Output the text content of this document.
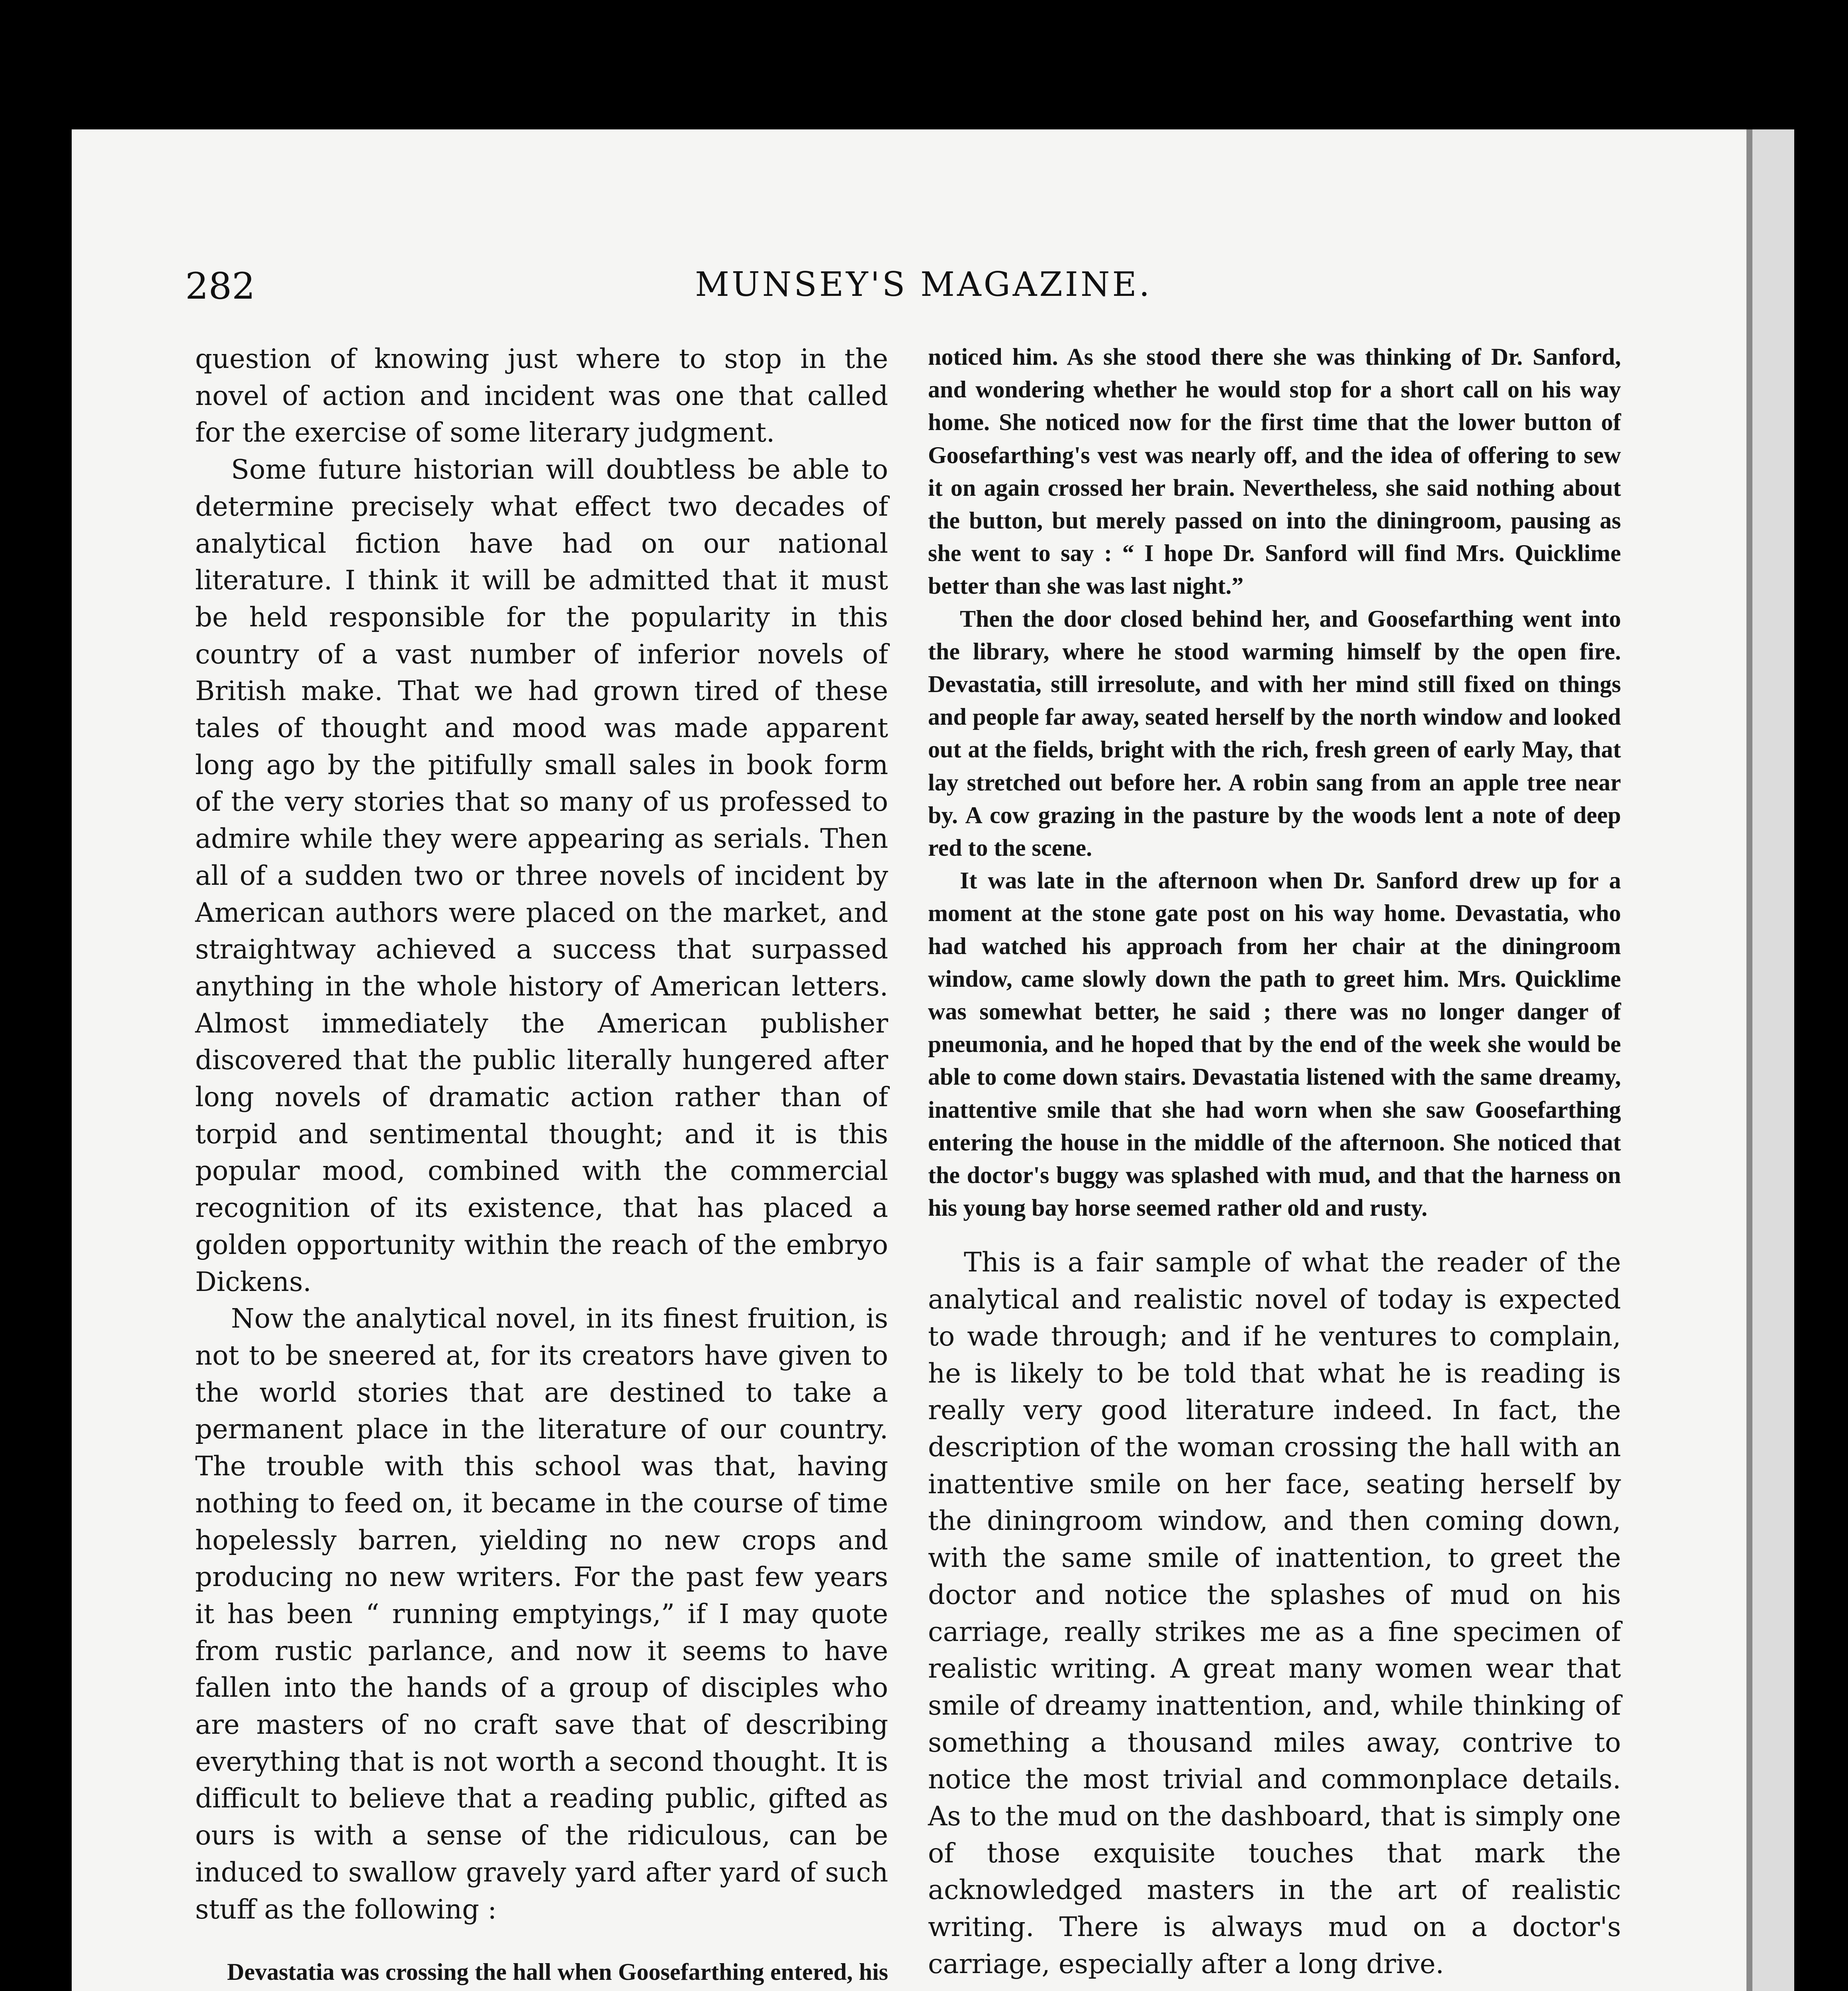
282	MUNSEY'S MAGAZINE.

question of knowing just where to stop in the novel of action and incident was one that called for the exercise of some literary judgment.

Some future historian will doubtless be able to determine precisely what effect two decades of analytical fiction have had on our national literature. I think it will be admitted that it must be held responsible for the popularity in this country of a vast number of inferior novels of British make. That we had grown tired of these tales of thought and mood was made apparent long ago by the pitifully small sales in book form of the very stories that so many of us professed to admire while they were appearing as serials. Then all of a sudden two or three novels of incident by American authors were placed on the market, and straightway achieved a success that surpassed anything in the whole history of American letters. Almost immediately the American publisher discovered that the public literally hungered after long novels of dramatic action rather than of torpid and sentimental thought; and it is this popular mood, combined with the commercial recognition of its existence, that has placed a golden opportunity within the reach of the embryo Dickens.

Now the analytical novel, in its finest fruition, is not to be sneered at, for its creators have given to the world stories that are destined to take a permanent place in the literature of our country. The trouble with this school was that, having nothing to feed on, it became in the course of time hopelessly barren, yielding no new crops and producing no new writers. For the past few years it has been “ running emptyings,” if I may quote from rustic parlance, and now it seems to have fallen into the hands of a group of disciples who are masters of no craft save that of describing everything that is not worth a second thought. It is difficult to believe that a reading public, gifted as ours is with a sense of the ridiculous, can be induced to swallow gravely yard after yard of such stuff as the following :

Devastatia was crossing the hall when Goosefarthing entered, his

noticed him. As she stood there she was thinking of Dr. Sanford, and wondering whether he would stop for a short call on his way home. She noticed now for the first time that the lower button of Goosefarthing's vest was nearly off, and the idea of offering to sew it on again crossed her brain. Nevertheless, she said nothing about the button, but merely passed on into the diningroom, pausing as she went to say : “ I hope Dr. Sanford will find Mrs. Quicklime better than she was last night.”

Then the door closed behind her, and Goosefarthing went into the library, where he stood warming himself by the open fire. Devastatia, still irresolute, and with her mind still fixed on things and people far away, seated herself by the north window and looked out at the fields, bright with the rich, fresh green of early May, that lay stretched out before her. A robin sang from an apple tree near by. A cow grazing in the pasture by the woods lent a note of deep red to the scene.

It was late in the afternoon when Dr. Sanford drew up for a moment at the stone gate post on his way home. Devastatia, who had watched his approach from her chair at the diningroom window, came slowly down the path to greet him. Mrs. Quicklime was somewhat better, he said ; there was no longer danger of pneumonia, and he hoped that by the end of the week she would be able to come down stairs. Devastatia listened with the same dreamy, inattentive smile that she had worn when she saw Goosefarthing entering the house in the middle of the afternoon. She noticed that the doctor's buggy was splashed with mud, and that the harness on his young bay horse seemed rather old and rusty.

This is a fair sample of what the reader of the analytical and realistic novel of today is expected to wade through; and if he ventures to complain, he is likely to be told that what he is reading is really very good literature indeed. In fact, the description of the woman crossing the hall with an inattentive smile on her face, seating herself by the diningroom window, and then coming down, with the same smile of inattention, to greet the doctor and notice the splashes of mud on his carriage, really strikes me as a fine specimen of realistic writing. A great many women wear that smile of dreamy inattention, and, while thinking of something a thousand miles away, contrive to notice the most trivial and commonplace details. As to the mud on the dashboard, that is simply one of those exquisite touches that mark the acknowledged masters in the art of realistic writing. There is always mud on a doctor's carriage, especially after a long drive.
